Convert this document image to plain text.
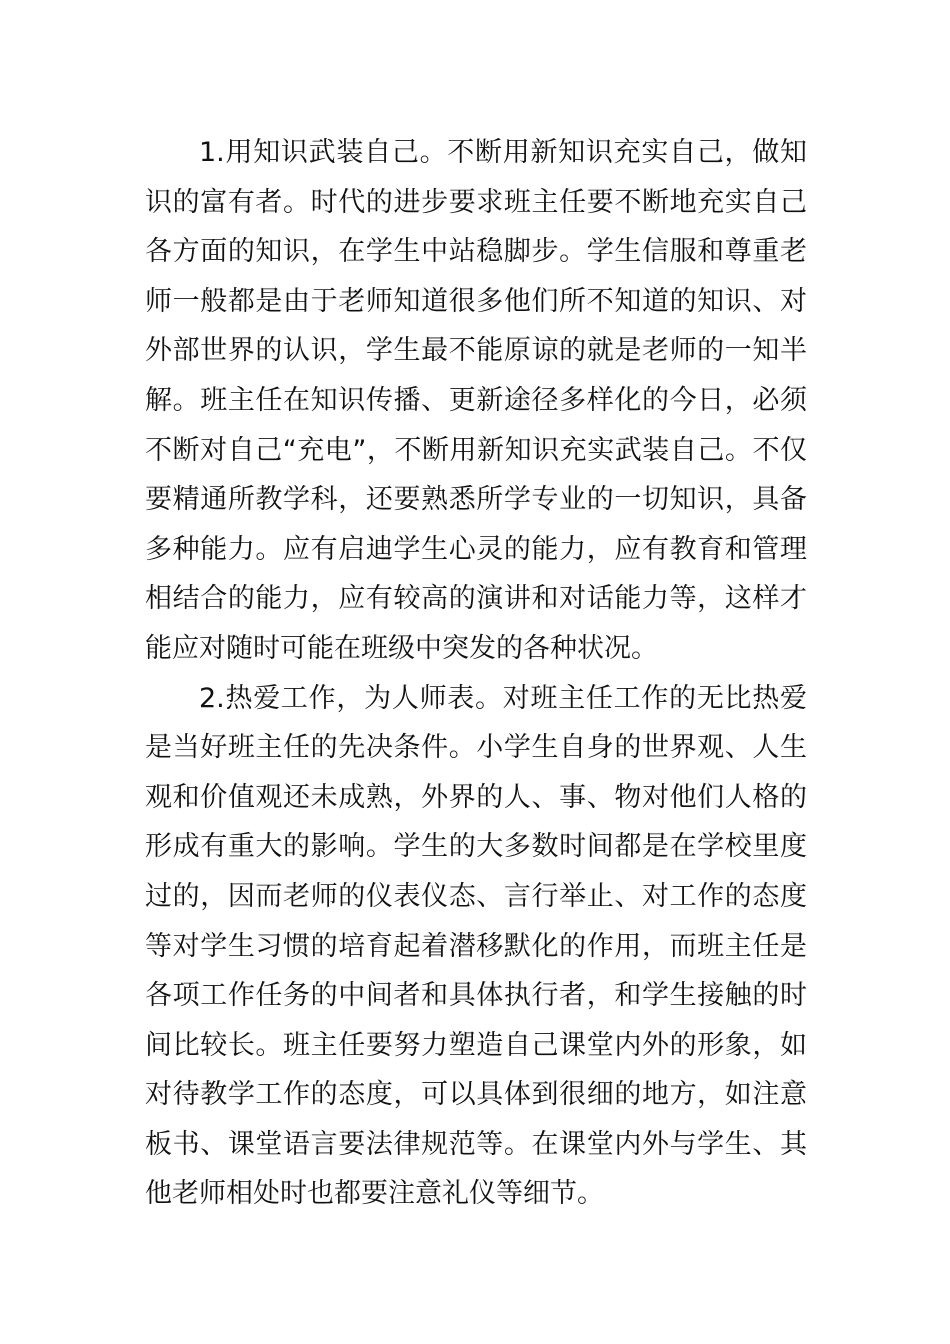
1.用知识武装自己。不断用新知识充实自己，做知识的富有者。时代的进步要求班主任要不断地充实自己各方面的知识，在学生中站稳脚步。学生信服和尊重老师一般都是由于老师知道很多他们所不知道的知识、对外部世界的认识，学生最不能原谅的就是老师的一知半解。班主任在知识传播、更新途径多样化的今日，必须不断对自己“充电”，不断用新知识充实武装自己。不仅要精通所教学科，还要熟悉所学专业的一切知识，具备多种能力。应有启迪学生心灵的能力，应有教育和管理相结合的能力，应有较高的演讲和对话能力等，这样才能应对随时可能在班级中突发的各种状况。

2.热爱工作，为人师表。对班主任工作的无比热爱是当好班主任的先决条件。小学生自身的世界观、人生观和价值观还未成熟，外界的人、事、物对他们人格的形成有重大的影响。学生的大多数时间都是在学校里度过的，因而老师的仪表仪态、言行举止、对工作的态度等对学生习惯的培育起着潜移默化的作用，而班主任是各项工作任务的中间者和具体执行者，和学生接触的时间比较长。班主任要努力塑造自己课堂内外的形象，如对待教学工作的态度，可以具体到很细的地方，如注意板书、课堂语言要法律规范等。在课堂内外与学生、其他老师相处时也都要注意礼仪等细节。
